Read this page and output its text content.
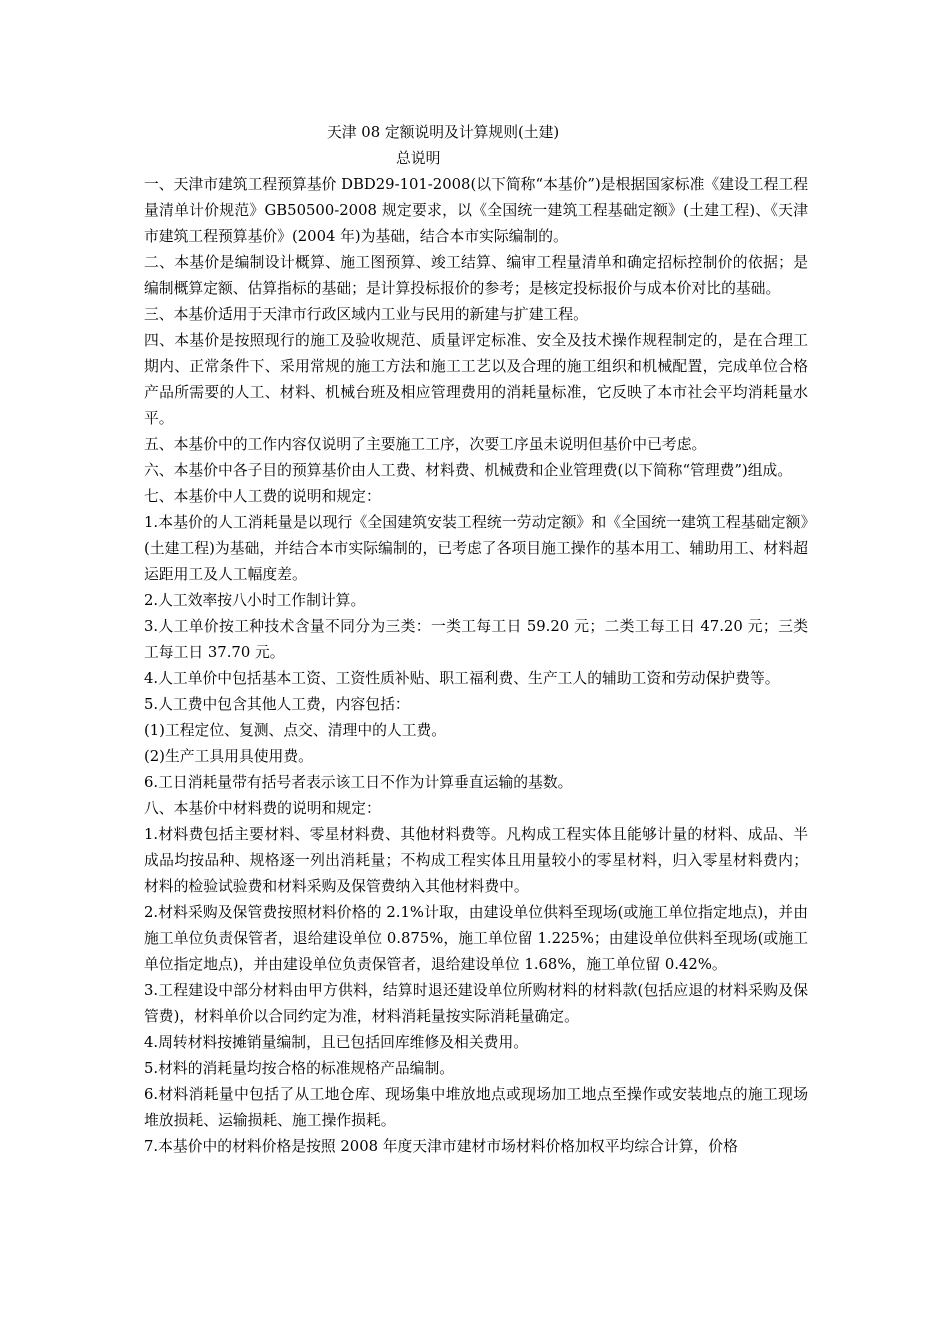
天津 08 定额说明及计算规则(土建)
总说明

一、天津市建筑工程预算基价 DBD29-101-2008(以下简称“本基价”)是根据国家标准《建设工程工程量清单计价规范》GB50500-2008 规定要求，以《全国统一建筑工程基础定额》(土建工程)、《天津市建筑工程预算基价》(2004 年)为基础，结合本市实际编制的。

二、本基价是编制设计概算、施工图预算、竣工结算、编审工程量清单和确定招标控制价的依据；是编制概算定额、估算指标的基础；是计算投标报价的参考；是核定投标报价与成本价对比的基础。

三、本基价适用于天津市行政区域内工业与民用的新建与扩建工程。

四、本基价是按照现行的施工及验收规范、质量评定标准、安全及技术操作规程制定的，是在合理工期内、正常条件下、采用常规的施工方法和施工工艺以及合理的施工组织和机械配置，完成单位合格产品所需要的人工、材料、机械台班及相应管理费用的消耗量标准，它反映了本市社会平均消耗量水平。

五、本基价中的工作内容仅说明了主要施工工序，次要工序虽未说明但基价中已考虑。

六、本基价中各子目的预算基价由人工费、材料费、机械费和企业管理费(以下简称“管理费”)组成。

七、本基价中人工费的说明和规定：

1.本基价的人工消耗量是以现行《全国建筑安装工程统一劳动定额》和《全国统一建筑工程基础定额》(土建工程)为基础，并结合本市实际编制的，已考虑了各项目施工操作的基本用工、辅助用工、材料超运距用工及人工幅度差。

2.人工效率按八小时工作制计算。

3.人工单价按工种技术含量不同分为三类：一类工每工日 59.20 元；二类工每工日 47.20 元；三类工每工日 37.70 元。

4.人工单价中包括基本工资、工资性质补贴、职工福利费、生产工人的辅助工资和劳动保护费等。

5.人工费中包含其他人工费，内容包括：

(1)工程定位、复测、点交、清理中的人工费。

(2)生产工具用具使用费。

6.工日消耗量带有括号者表示该工日不作为计算垂直运输的基数。

八、本基价中材料费的说明和规定：

1.材料费包括主要材料、零星材料费、其他材料费等。凡构成工程实体且能够计量的材料、成品、半成品均按品种、规格逐一列出消耗量；不构成工程实体且用量较小的零星材料，归入零星材料费内；材料的检验试验费和材料采购及保管费纳入其他材料费中。

2.材料采购及保管费按照材料价格的 2.1%计取，由建设单位供料至现场(或施工单位指定地点)，并由施工单位负责保管者，退给建设单位 0.875%，施工单位留 1.225%；由建设单位供料至现场(或施工单位指定地点)，并由建设单位负责保管者，退给建设单位 1.68%，施工单位留 0.42%。

3.工程建设中部分材料由甲方供料，结算时退还建设单位所购材料的材料款(包括应退的材料采购及保管费)，材料单价以合同约定为准，材料消耗量按实际消耗量确定。

4.周转材料按摊销量编制，且已包括回库维修及相关费用。

5.材料的消耗量均按合格的标准规格产品编制。

6.材料消耗量中包括了从工地仓库、现场集中堆放地点或现场加工地点至操作或安装地点的施工现场堆放损耗、运输损耗、施工操作损耗。

7.本基价中的材料价格是按照 2008 年度天津市建材市场材料价格加权平均综合计算，价格
